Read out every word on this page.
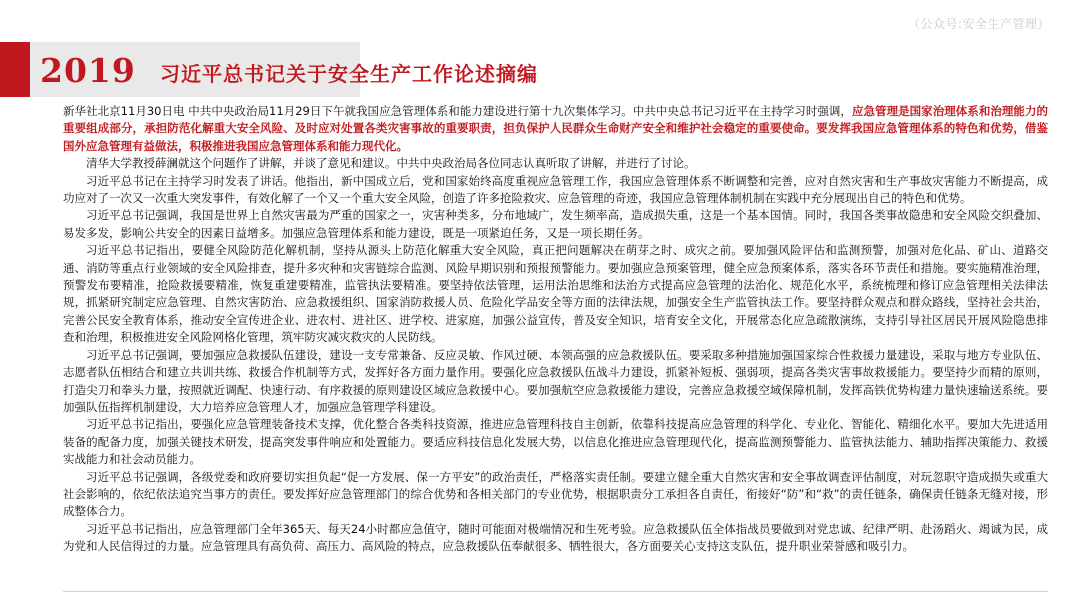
（公众号:安全生产管理）
2019 习近平总书记关于安全生产工作论述摘编

新华社北京11月30日电 中共中央政治局11月29日下午就我国应急管理体系和能力建设进行第十九次集体学习。中共中央总书记习近平在主持学习时强调，应急管理是国家治理体系和治理能力的重要组成部分，承担防范化解重大安全风险、及时应对处置各类灾害事故的重要职责，担负保护人民群众生命财产安全和维护社会稳定的重要使命。要发挥我国应急管理体系的特色和优势，借鉴国外应急管理有益做法，积极推进我国应急管理体系和能力现代化。

清华大学教授薛澜就这个问题作了讲解，并谈了意见和建议。中共中央政治局各位同志认真听取了讲解，并进行了讨论。

习近平总书记在主持学习时发表了讲话。他指出，新中国成立后，党和国家始终高度重视应急管理工作，我国应急管理体系不断调整和完善，应对自然灾害和生产事故灾害能力不断提高，成功应对了一次又一次重大突发事件，有效化解了一个又一个重大安全风险，创造了许多抢险救灾、应急管理的奇迹，我国应急管理体制机制在实践中充分展现出自己的特色和优势。

习近平总书记强调，我国是世界上自然灾害最为严重的国家之一，灾害种类多，分布地域广，发生频率高，造成损失重，这是一个基本国情。同时，我国各类事故隐患和安全风险交织叠加、易发多发，影响公共安全的因素日益增多。加强应急管理体系和能力建设，既是一项紧迫任务，又是一项长期任务。

习近平总书记指出，要健全风险防范化解机制，坚持从源头上防范化解重大安全风险，真正把问题解决在萌芽之时、成灾之前。要加强风险评估和监测预警，加强对危化品、矿山、道路交通、消防等重点行业领域的安全风险排查，提升多灾种和灾害链综合监测、风险早期识别和预报预警能力。要加强应急预案管理，健全应急预案体系，落实各环节责任和措施。要实施精准治理，预警发布要精准，抢险救援要精准，恢复重建要精准，监管执法要精准。要坚持依法管理，运用法治思维和法治方式提高应急管理的法治化、规范化水平，系统梳理和修订应急管理相关法律法规，抓紧研究制定应急管理、自然灾害防治、应急救援组织、国家消防救援人员、危险化学品安全等方面的法律法规，加强安全生产监管执法工作。要坚持群众观点和群众路线，坚持社会共治，完善公民安全教育体系，推动安全宣传进企业、进农村、进社区、进学校、进家庭，加强公益宣传，普及安全知识，培育安全文化，开展常态化应急疏散演练，支持引导社区居民开展风险隐患排查和治理，积极推进安全风险网格化管理，筑牢防灾减灾救灾的人民防线。

习近平总书记强调，要加强应急救援队伍建设，建设一支专常兼备、反应灵敏、作风过硬、本领高强的应急救援队伍。要采取多种措施加强国家综合性救援力量建设，采取与地方专业队伍、志愿者队伍相结合和建立共训共练、救援合作机制等方式，发挥好各方面力量作用。要强化应急救援队伍战斗力建设，抓紧补短板、强弱项，提高各类灾害事故救援能力。要坚持少而精的原则，打造尖刀和拳头力量，按照就近调配、快速行动、有序救援的原则建设区域应急救援中心。要加强航空应急救援能力建设，完善应急救援空域保障机制，发挥高铁优势构建力量快速输送系统。要加强队伍指挥机制建设，大力培养应急管理人才，加强应急管理学科建设。

习近平总书记指出，要强化应急管理装备技术支撑，优化整合各类科技资源，推进应急管理科技自主创新，依靠科技提高应急管理的科学化、专业化、智能化、精细化水平。要加大先进适用装备的配备力度，加强关键技术研发，提高突发事件响应和处置能力。要适应科技信息化发展大势，以信息化推进应急管理现代化，提高监测预警能力、监管执法能力、辅助指挥决策能力、救援实战能力和社会动员能力。

习近平总书记强调，各级党委和政府要切实担负起“促一方发展、保一方平安”的政治责任，严格落实责任制。要建立健全重大自然灾害和安全事故调查评估制度，对玩忽职守造成损失或重大社会影响的，依纪依法追究当事方的责任。要发挥好应急管理部门的综合优势和各相关部门的专业优势，根据职责分工承担各自责任，衔接好“防”和“救”的责任链条，确保责任链条无缝对接，形成整体合力。

习近平总书记指出，应急管理部门全年365天、每天24小时都应急值守，随时可能面对极端情况和生死考验。应急救援队伍全体指战员要做到对党忠诚、纪律严明、赴汤蹈火、竭诚为民，成为党和人民信得过的力量。应急管理具有高负荷、高压力、高风险的特点，应急救援队伍奉献很多、牺牲很大，各方面要关心支持这支队伍，提升职业荣誉感和吸引力。
